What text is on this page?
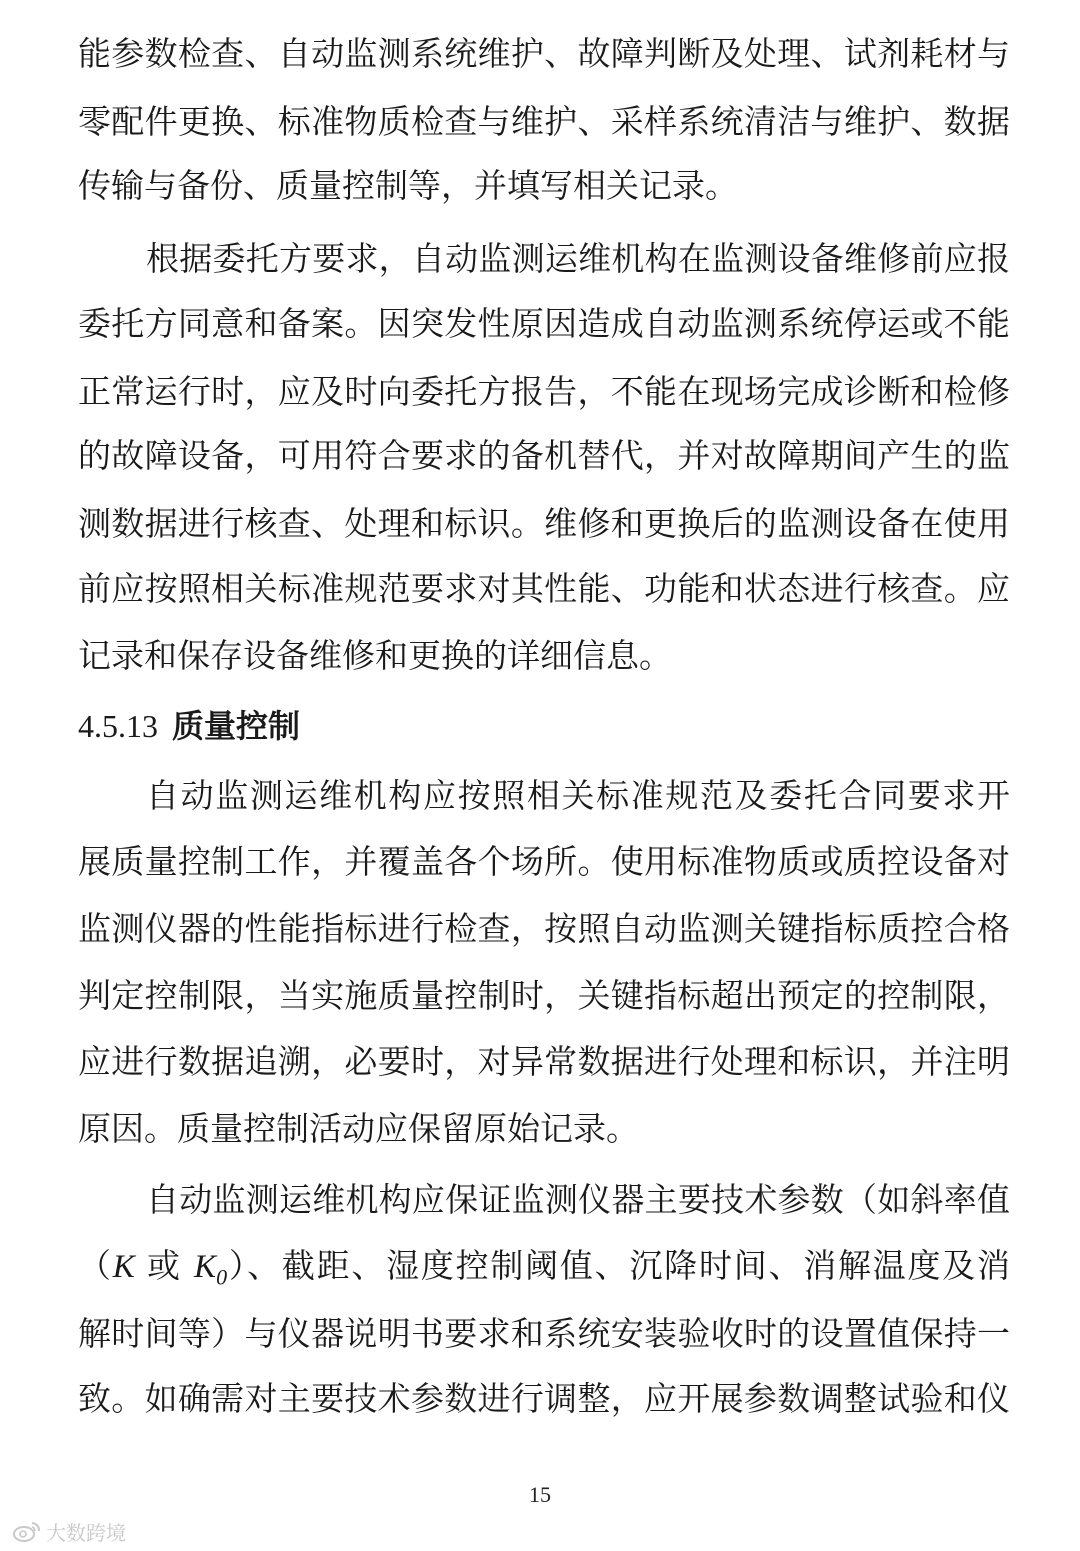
能参数检查、自动监测系统维护、故障判断及处理、试剂耗材与
零配件更换、标准物质检查与维护、采样系统清洁与维护、数据
传输与备份、质量控制等，并填写相关记录。
根据委托方要求，自动监测运维机构在监测设备维修前应报
委托方同意和备案。因突发性原因造成自动监测系统停运或不能
正常运行时，应及时向委托方报告，不能在现场完成诊断和检修
的故障设备，可用符合要求的备机替代，并对故障期间产生的监
测数据进行核查、处理和标识。维修和更换后的监测设备在使用
前应按照相关标准规范要求对其性能、功能和状态进行核查。应
记录和保存设备维修和更换的详细信息。
4.5.13 质量控制
自动监测运维机构应按照相关标准规范及委托合同要求开
展质量控制工作，并覆盖各个场所。使用标准物质或质控设备对
监测仪器的性能指标进行检查，按照自动监测关键指标质控合格
判定控制限，当实施质量控制时，关键指标超出预定的控制限，
应进行数据追溯，必要时，对异常数据进行处理和标识，并注明
原因。质量控制活动应保留原始记录。
自动监测运维机构应保证监测仪器主要技术参数（如斜率值
（K 或 $K_0$）、截距、湿度控制阈值、沉降时间、消解温度及消
解时间等）与仪器说明书要求和系统安装验收时的设置值保持一
致。如确需对主要技术参数进行调整，应开展参数调整试验和仪
15
大数跨境
